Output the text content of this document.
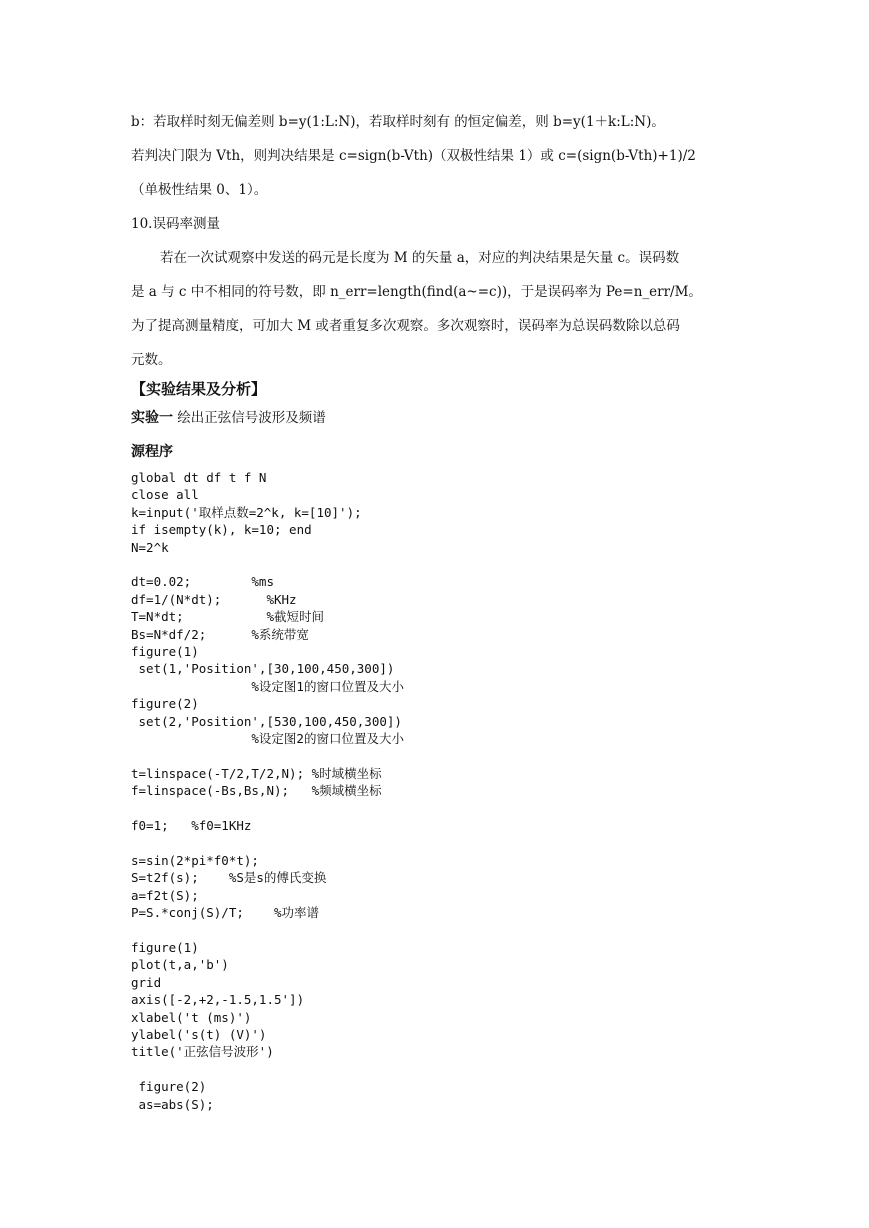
b：若取样时刻无偏差则 b=y(1:L:N)，若取样时刻有 的恒定偏差，则 b=y(1＋k:L:N)。
若判决门限为 Vth，则判决结果是 c=sign(b-Vth)（双极性结果 1）或 c=(sign(b-Vth)+1)/2
（单极性结果 0、1）。
10.误码率测量
若在一次试观察中发送的码元是长度为 M 的矢量 a，对应的判决结果是矢量 c。误码数
是 a 与 c 中不相同的符号数，即 n_err=length(find(a~=c))，于是误码率为 Pe=n_err/M。
为了提高测量精度，可加大 M 或者重复多次观察。多次观察时，误码率为总误码数除以总码
元数。
【实验结果及分析】
实验一 绘出正弦信号波形及频谱
源程序
global dt df t f N
close all
k=input('取样点数=2^k, k=[10]');
if isempty(k), k=10; end
N=2^k

dt=0.02;        %ms
df=1/(N*dt);      %KHz
T=N*dt;           %截短时间
Bs=N*df/2;      %系统带宽
figure(1)
set(1,'Position',[30,100,450,300])
%设定图1的窗口位置及大小
figure(2)
set(2,'Position',[530,100,450,300])
%设定图2的窗口位置及大小

t=linspace(-T/2,T/2,N); %时域横坐标
f=linspace(-Bs,Bs,N);   %频域横坐标

f0=1;   %f0=1KHz

s=sin(2*pi*f0*t);
S=t2f(s);    %S是s的傅氏变换
a=f2t(S);
P=S.*conj(S)/T;    %功率谱

figure(1)
plot(t,a,'b')
grid
axis([-2,+2,-1.5,1.5'])
xlabel('t (ms)')
ylabel('s(t) (V)')
title('正弦信号波形')

figure(2)
as=abs(S);
